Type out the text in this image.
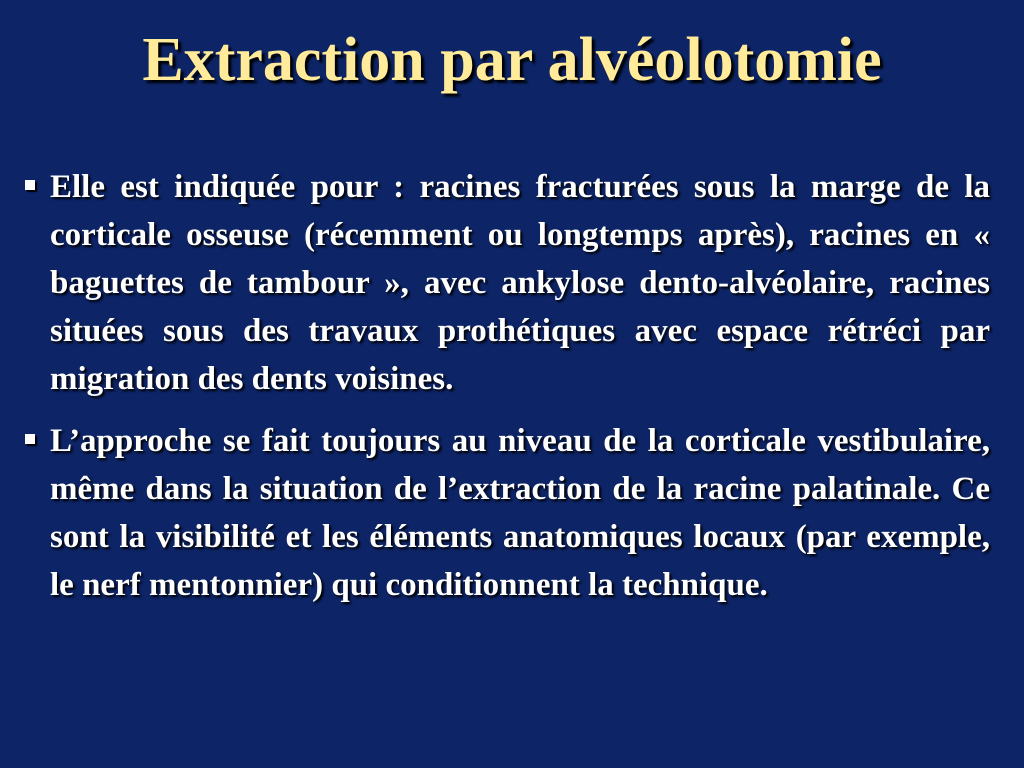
Extraction par alvéolotomie
Elle est indiquée pour : racines fracturées sous la marge de la corticale osseuse (récemment ou longtemps après), racines en « baguettes de tambour », avec ankylose dento-alvéolaire, racines situées sous des travaux prothétiques avec espace rétréci par migration des dents voisines.
L’approche se fait toujours au niveau de la corticale vestibulaire, même dans la situation de l’extraction de la racine palatinale. Ce sont la visibilité et les éléments anatomiques locaux (par exemple, le nerf mentonnier) qui conditionnent la technique.
